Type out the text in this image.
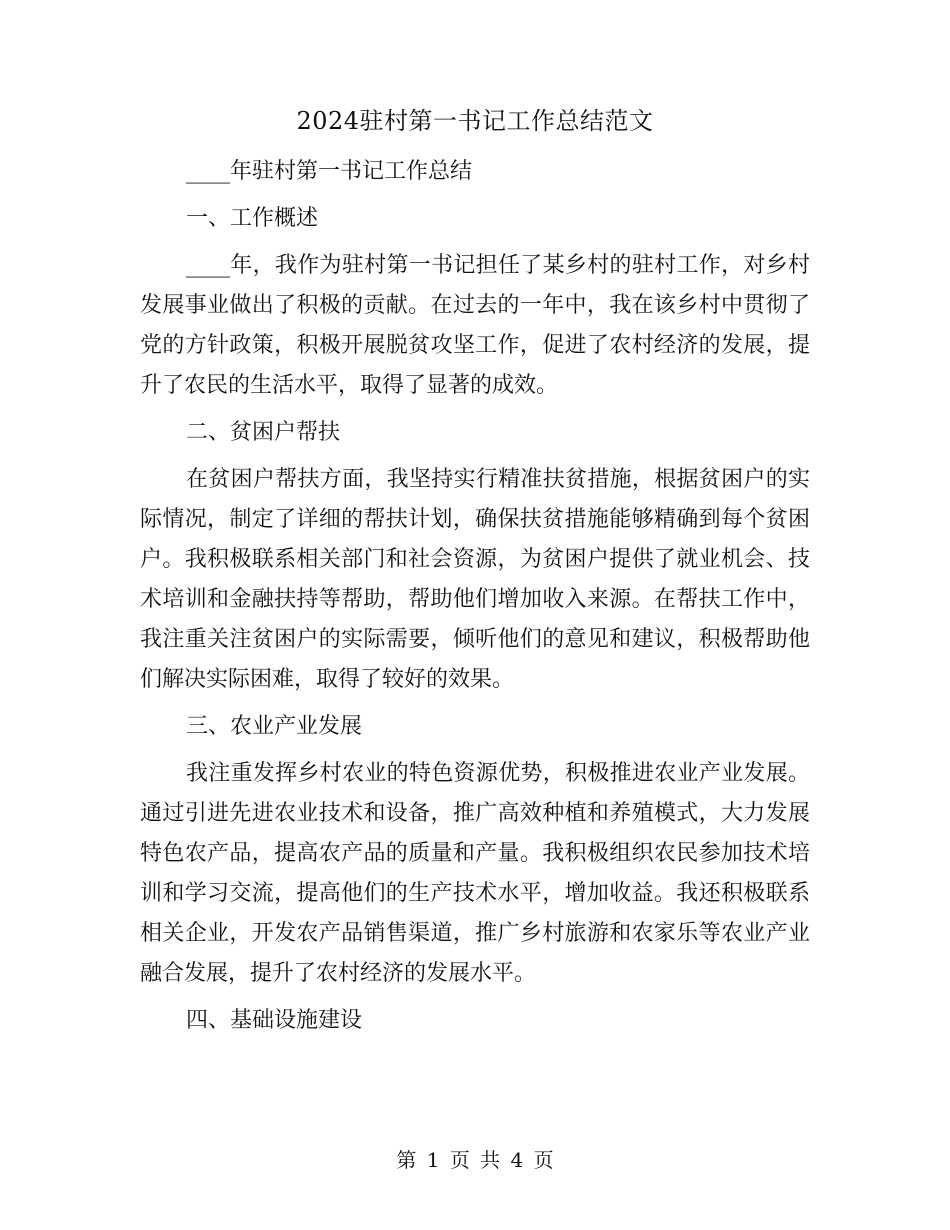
2024驻村第一书记工作总结范文

____年驻村第一书记工作总结

一、工作概述

____年，我作为驻村第一书记担任了某乡村的驻村工作，对乡村发展事业做出了积极的贡献。在过去的一年中，我在该乡村中贯彻了党的方针政策，积极开展脱贫攻坚工作，促进了农村经济的发展，提升了农民的生活水平，取得了显著的成效。

二、贫困户帮扶

在贫困户帮扶方面，我坚持实行精准扶贫措施，根据贫困户的实际情况，制定了详细的帮扶计划，确保扶贫措施能够精确到每个贫困户。我积极联系相关部门和社会资源，为贫困户提供了就业机会、技术培训和金融扶持等帮助，帮助他们增加收入来源。在帮扶工作中，我注重关注贫困户的实际需要，倾听他们的意见和建议，积极帮助他们解决实际困难，取得了较好的效果。

三、农业产业发展

我注重发挥乡村农业的特色资源优势，积极推进农业产业发展。通过引进先进农业技术和设备，推广高效种植和养殖模式，大力发展特色农产品，提高农产品的质量和产量。我积极组织农民参加技术培训和学习交流，提高他们的生产技术水平，增加收益。我还积极联系相关企业，开发农产品销售渠道，推广乡村旅游和农家乐等农业产业融合发展，提升了农村经济的发展水平。

四、基础设施建设

第 1 页 共 4 页
